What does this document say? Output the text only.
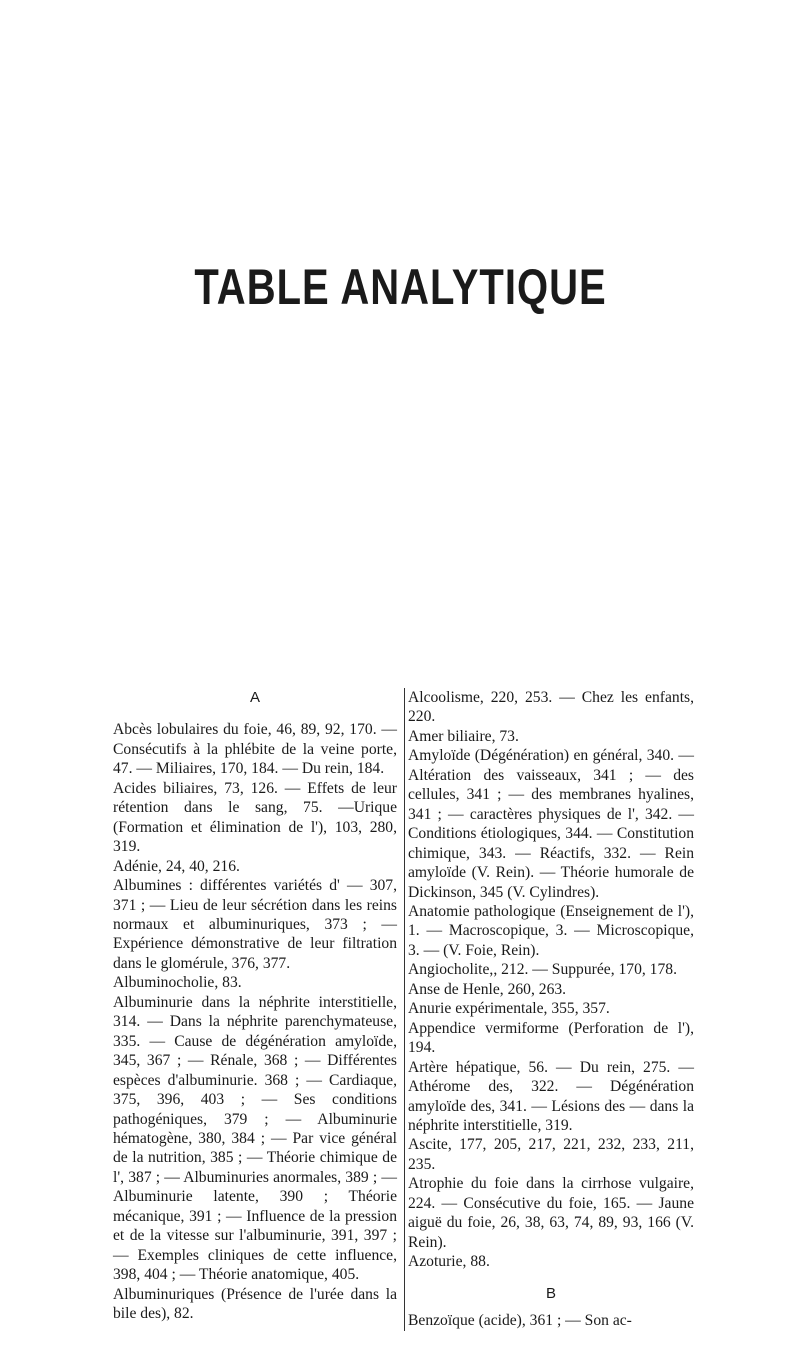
TABLE ANALYTIQUE
A

Abcès lobulaires du foie, 46, 89, 92, 170. — Consécutifs à la phlébite de la veine porte, 47. — Miliaires, 170, 184. — Du rein, 184.

Acides biliaires, 73, 126. — Effets de leur rétention dans le sang, 75. —Urique (Formation et élimination de l'), 103, 280, 319.

Adénie, 24, 40, 216.

Albumines : différentes variétés d' — 307, 371 ; — Lieu de leur sécrétion dans les reins normaux et albuminuriques, 373 ; — Expérience démonstrative de leur filtration dans le glomérule, 376, 377.

Albuminocholie, 83.

Albuminurie dans la néphrite interstitielle, 314. — Dans la néphrite parenchymateuse, 335. — Cause de dégénération amyloïde, 345, 367 ; — Rénale, 368 ; — Différentes espèces d'albuminurie. 368 ; — Cardiaque, 375, 396, 403 ; — Ses conditions pathogéniques, 379 ; — Albuminurie hématogène, 380, 384 ; — Par vice général de la nutrition, 385 ; — Théorie chimique de l', 387 ; — Albuminuries anormales, 389 ; — Albuminurie latente, 390 ; Théorie mécanique, 391 ; — Influence de la pression et de la vitesse sur l'albuminurie, 391, 397 ; — Exemples cliniques de cette influence, 398, 404 ; — Théorie anatomique, 405.

Albuminuriques (Présence de l'urée dans la bile des), 82.

Alcoolisme, 220, 253. — Chez les enfants, 220.

Amer biliaire, 73.

Amyloïde (Dégénération) en général, 340. — Altération des vaisseaux, 341 ; — des cellules, 341 ; — des membranes hyalines, 341 ; — caractères physiques de l', 342. — Conditions étiologiques, 344. — Constitution chimique, 343. — Réactifs, 332. — Rein amyloïde (V. Rein). — Théorie humorale de Dickinson, 345 (V. Cylindres).

Anatomie pathologique (Enseignement de l'), 1. — Macroscopique, 3. — Microscopique, 3. — (V. Foie, Rein).

Angiocholite,, 212. — Suppurée, 170, 178.

Anse de Henle, 260, 263.

Anurie expérimentale, 355, 357.

Appendice vermiforme (Perforation de l'), 194.

Artère hépatique, 56. — Du rein, 275. — Athérome des, 322. — Dégénération amyloïde des, 341. — Lésions des — dans la néphrite interstitielle, 319.

Ascite, 177, 205, 217, 221, 232, 233, 211, 235.

Atrophie du foie dans la cirrhose vulgaire, 224. — Consécutive du foie, 165. — Jaune aiguë du foie, 26, 38, 63, 74, 89, 93, 166 (V. Rein).

Azoturie, 88.

B

Benzoïque (acide), 361 ; — Son ac-
